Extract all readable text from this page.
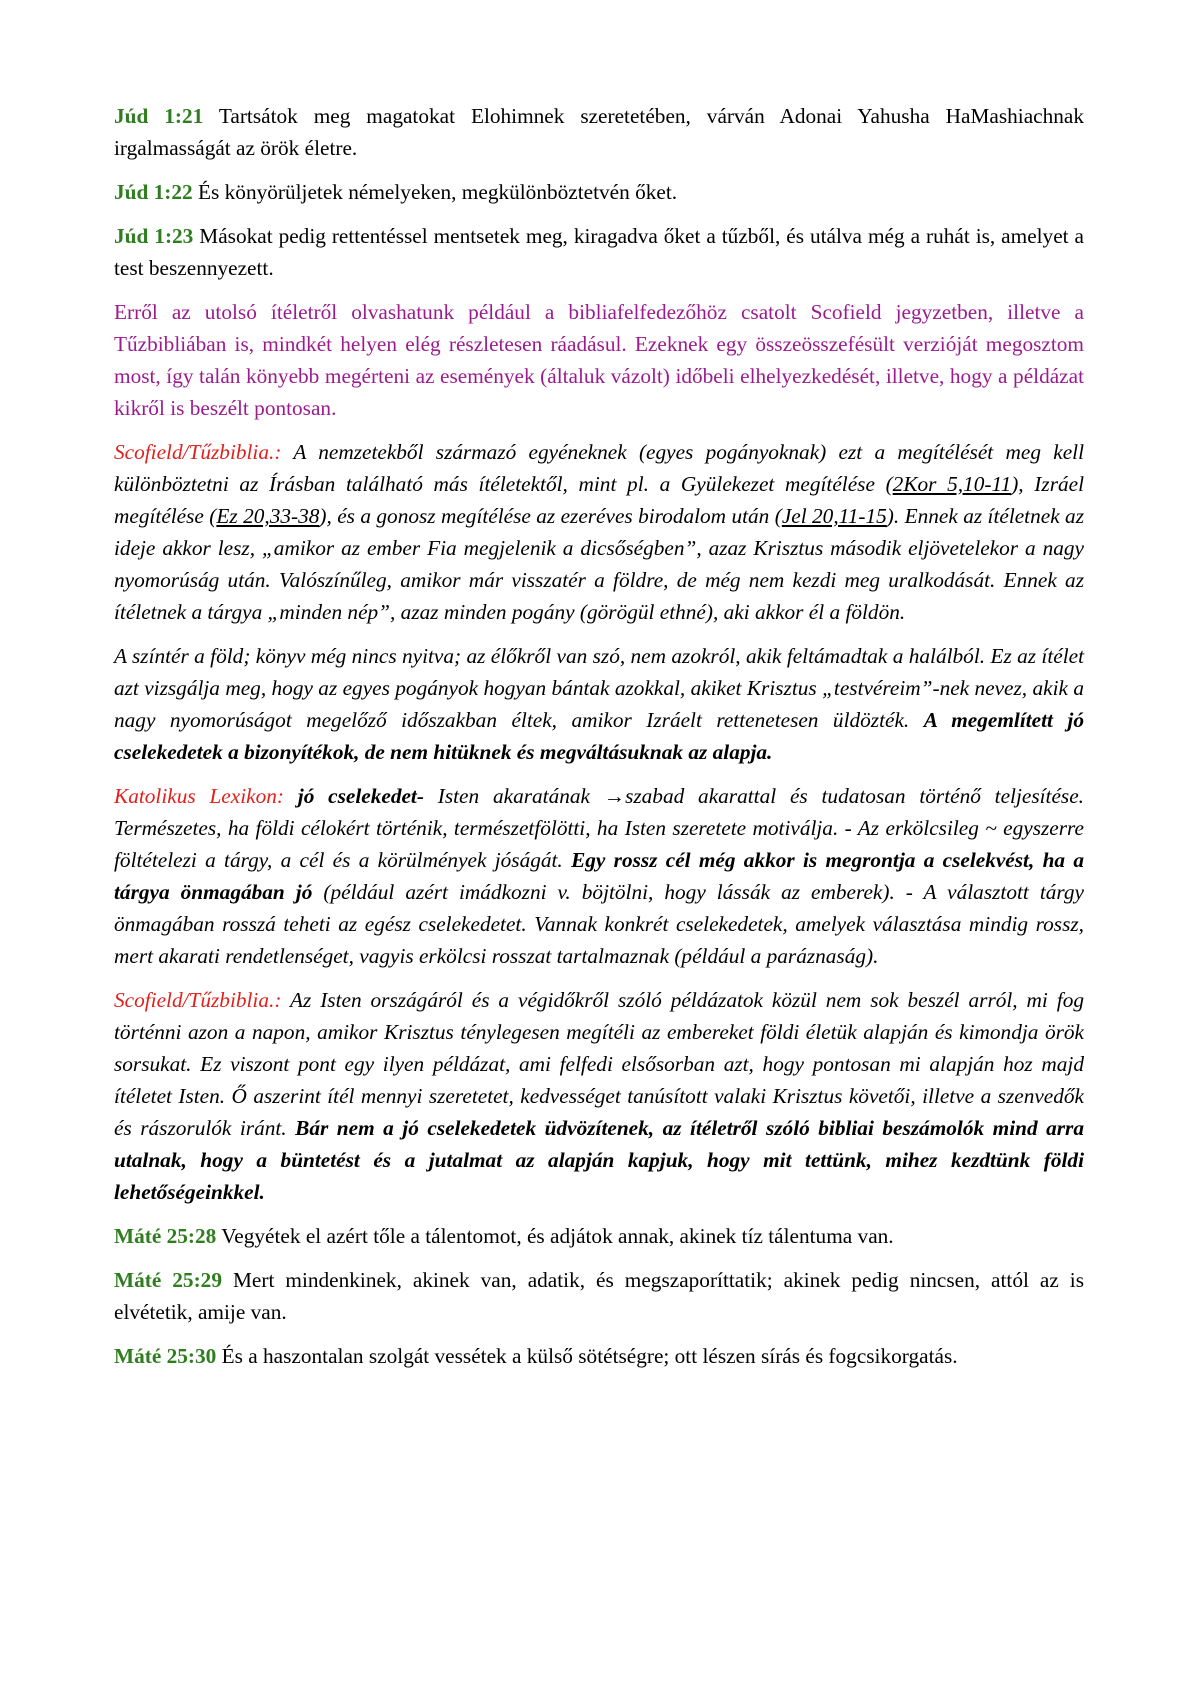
Júd 1:21 Tartsátok meg magatokat Elohimnek szeretetében, várván Adonai Yahusha HaMashiachnak irgalmasságát az örök életre.

Júd 1:22 És könyörüljetek némelyeken, megkülönböztetvén őket.

Júd 1:23 Másokat pedig rettentéssel mentsetek meg, kiragadva őket a tűzből, és utálva még a ruhát is, amelyet a test beszennyezett.

Erről az utolsó ítéletről olvashatunk például a bibliafelfedezőhöz csatolt Scofield jegyzetben, illetve a Tűzbibliában is, mindkét helyen elég részletesen ráadásul. Ezeknek egy összeösszefésült verzióját megosztom most, így talán könyebb megérteni az események (általuk vázolt) időbeli elhelyezkedését, illetve, hogy a példázat kikről is beszélt pontosan.

Scofield/Tűzbiblia.: A nemzetekből származó egyéneknek (egyes pogányoknak) ezt a megítélését meg kell különböztetni az Írásban található más ítéletektől, mint pl. a Gyülekezet megítélése (2Kor 5,10-11), Izráel megítélése (Ez 20,33-38), és a gonosz megítélése az ezeréves birodalom után (Jel 20,11-15). Ennek az ítéletnek az ideje akkor lesz, „amikor az ember Fia megjelenik a dicsőségben”, azaz Krisztus második eljövetelekor a nagy nyomorúság után. Valószínűleg, amikor már visszatér a földre, de még nem kezdi meg uralkodását. Ennek az ítéletnek a tárgya „minden nép”, azaz minden pogány (görögül ethné), aki akkor él a földön.

A színtér a föld; könyv még nincs nyitva; az élőkről van szó, nem azokról, akik feltámadtak a halálból. Ez az ítélet azt vizsgálja meg, hogy az egyes pogányok hogyan bántak azokkal, akiket Krisztus „testvéreim”-nek nevez, akik a nagy nyomorúságot megelőző időszakban éltek, amikor Izráelt rettenetesen üldözték. A megemlített jó cselekedetek a bizonyítékok, de nem hitüknek és megváltásuknak az alapja.

Katolikus Lexikon: jó cselekedet- Isten akaratának →szabad akarattal és tudatosan történő teljesítése. Természetes, ha földi célokért történik, természetfölötti, ha Isten szeretete motiválja. - Az erkölcsileg ~ egyszerre föltételezi a tárgy, a cél és a körülmények jóságát. Egy rossz cél még akkor is megrontja a cselekvést, ha a tárgya önmagában jó (például azért imádkozni v. böjtölni, hogy lássák az emberek). - A választott tárgy önmagában rosszá teheti az egész cselekedetet. Vannak konkrét cselekedetek, amelyek választása mindig rossz, mert akarati rendetlenséget, vagyis erkölcsi rosszat tartalmaznak (például a paráznaság).

Scofield/Tűzbiblia.: Az Isten országáról és a végidőkről szóló példázatok közül nem sok beszél arról, mi fog történni azon a napon, amikor Krisztus ténylegesen megítéli az embereket földi életük alapján és kimondja örök sorsukat. Ez viszont pont egy ilyen példázat, ami felfedi elsősorban azt, hogy pontosan mi alapján hoz majd ítéletet Isten. Ő aszerint ítél mennyi szeretetet, kedvességet tanúsított valaki Krisztus követői, illetve a szenvedők és rászorulók iránt. Bár nem a jó cselekedetek üdvözítenek, az ítéletről szóló bibliai beszámolók mind arra utalnak, hogy a büntetést és a jutalmat az alapján kapjuk, hogy mit tettünk, mihez kezdtünk földi lehetőségeinkkel.

Máté 25:28 Vegyétek el azért tőle a tálentomot, és adjátok annak, akinek tíz tálentuma van.

Máté 25:29 Mert mindenkinek, akinek van, adatik, és megszaporíttatik; akinek pedig nincsen, attól az is elvétetik, amije van.

Máté 25:30 És a haszontalan szolgát vessétek a külső sötétségre; ott lészen sírás és fogcsikorgatás.
